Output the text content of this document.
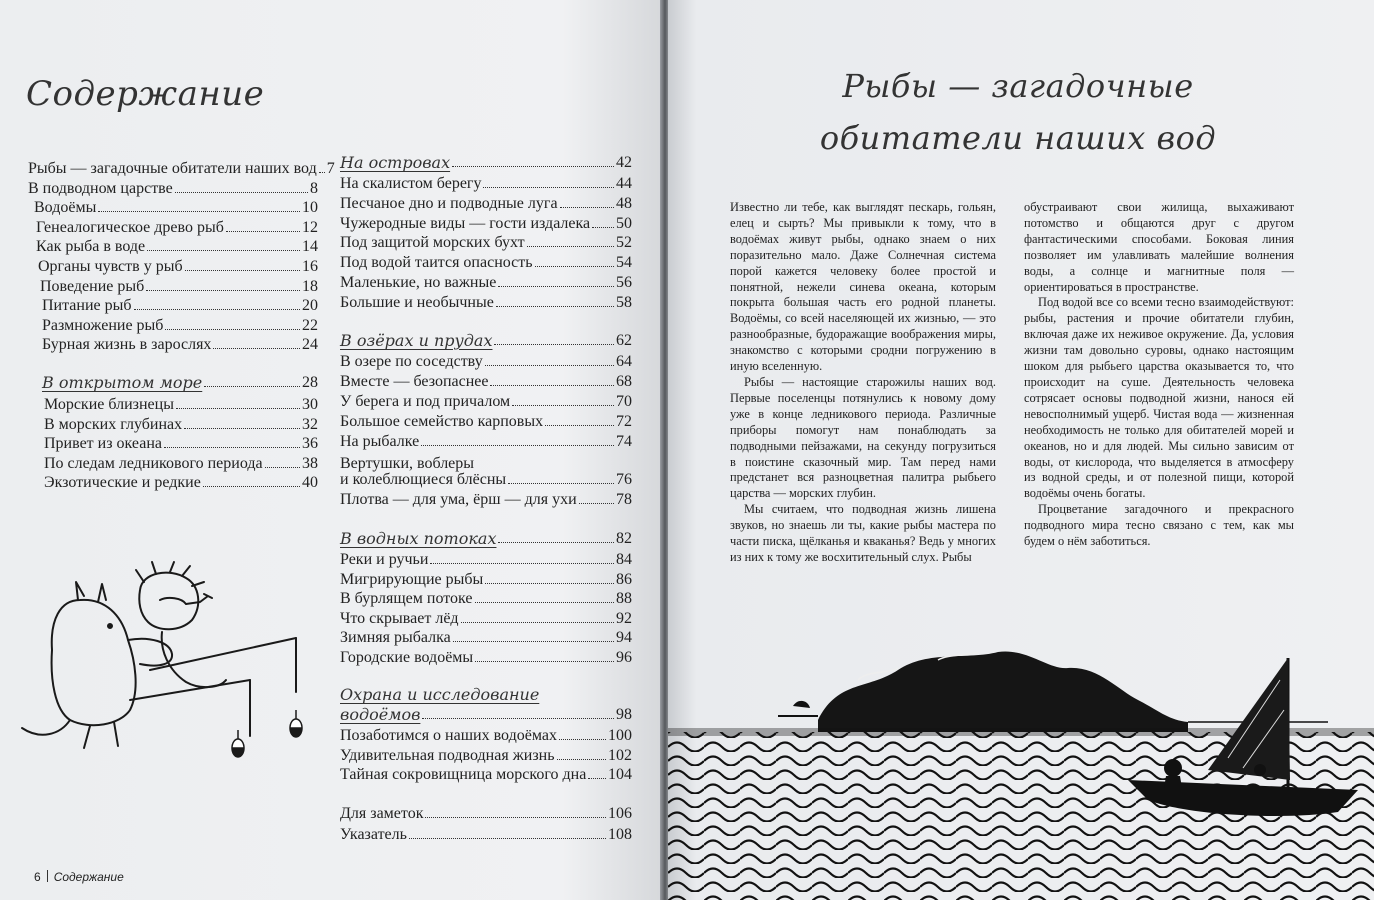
Содержание
Рыбы — загадочные обитатели наших вод 7
В подводном царстве	8
Водоёмы	10
Генеалогическое древо рыб	12
Как рыба в воде	14
Органы чувств у рыб	16
Поведение рыб	18
Питание рыб	20
Размножение рыб	22
Бурная жизнь в зарослях	24
В открытом море	28
Морские близнецы	30
В морских глубинах	32
Привет из океана	36
По следам ледникового периода 38
Экзотические и редкие	40
На островах	42
На скалистом берегу	44
Песчаное дно и подводные луга	48
Чужеродные виды — гости издалека 50
Под защитой морских бухт	52
Под водой таится опасность	54
Маленькие, но важные	56
Большие и необычные	58
В озёрах и прудах	62
В озере по соседству	64
Вместе — безопаснее	68
У берега и под причалом	70
Большое семейство карповых	72
На рыбалке	74
Вертушки, воблеры
и колеблющиеся блёсны	76
Плотва — для ума, ёрш — для ухи 78
В водных потоках	82
Реки и ручьи	84
Мигрирующие рыбы	86
В бурлящем потоке	88
Что скрывает лёд	92
Зимняя рыбалка	94
Городские водоёмы	96
Охрана и исследование
водоёмов	98
Позаботимся о наших водоёмах	100
Удивительная подводная жизнь	102
Тайная сокровищница морского дна 104
Для заметок	106
Указатель	108
6 Содержание
Рыбы — загадочные
обитатели наших вод

Известно ли тебе, как выглядят пескарь, гольян, елец и сырть? Мы привыкли к тому, что в водоёмах живут рыбы, однако знаем о них поразительно мало. Даже Солнечная система порой кажется человеку более простой и понятной, нежели синева океана, которым покрыта большая часть его родной планеты. Водоёмы, со всей населяющей их жизнью, — это разнообразные, будоражащие воображения миры, знакомство с которыми сродни погружению в иную вселенную.

Рыбы — настоящие старожилы наших вод. Первые поселенцы потянулись к новому дому уже в конце ледникового периода. Различные приборы помогут нам понаблюдать за подводными пейзажами, на секунду погрузиться в поистине сказочный мир. Там перед нами предстанет вся разноцветная палитра рыбьего царства — морских глубин.

Мы считаем, что подводная жизнь лишена звуков, но знаешь ли ты, какие рыбы мастера по части писка, щёлканья и кваканья? Ведь у многих из них к тому же восхитительный слух. Рыбы

обустраивают свои жилища, выхаживают потомство и общаются друг с другом фантастическими способами. Боковая линия позволяет им улавливать малейшие волнения воды, а солнце и магнитные поля — ориентироваться в пространстве.

Под водой все со всеми тесно взаимодействуют: рыбы, растения и прочие обитатели глубин, включая даже их неживое окружение. Да, условия жизни там довольно суровы, однако настоящим шоком для рыбьего царства оказывается то, что происходит на суше. Деятельность человека сотрясает основы подводной жизни, нанося ей невосполнимый ущерб. Чистая вода — жизненная необходимость не только для обитателей морей и океанов, но и для людей. Мы сильно зависим от воды, от кислорода, что выделяется в атмосферу из водной среды, и от полезной пищи, которой водоёмы очень богаты.

Процветание загадочного и прекрасного подводного мира тесно связано с тем, как мы будем о нём заботиться.
